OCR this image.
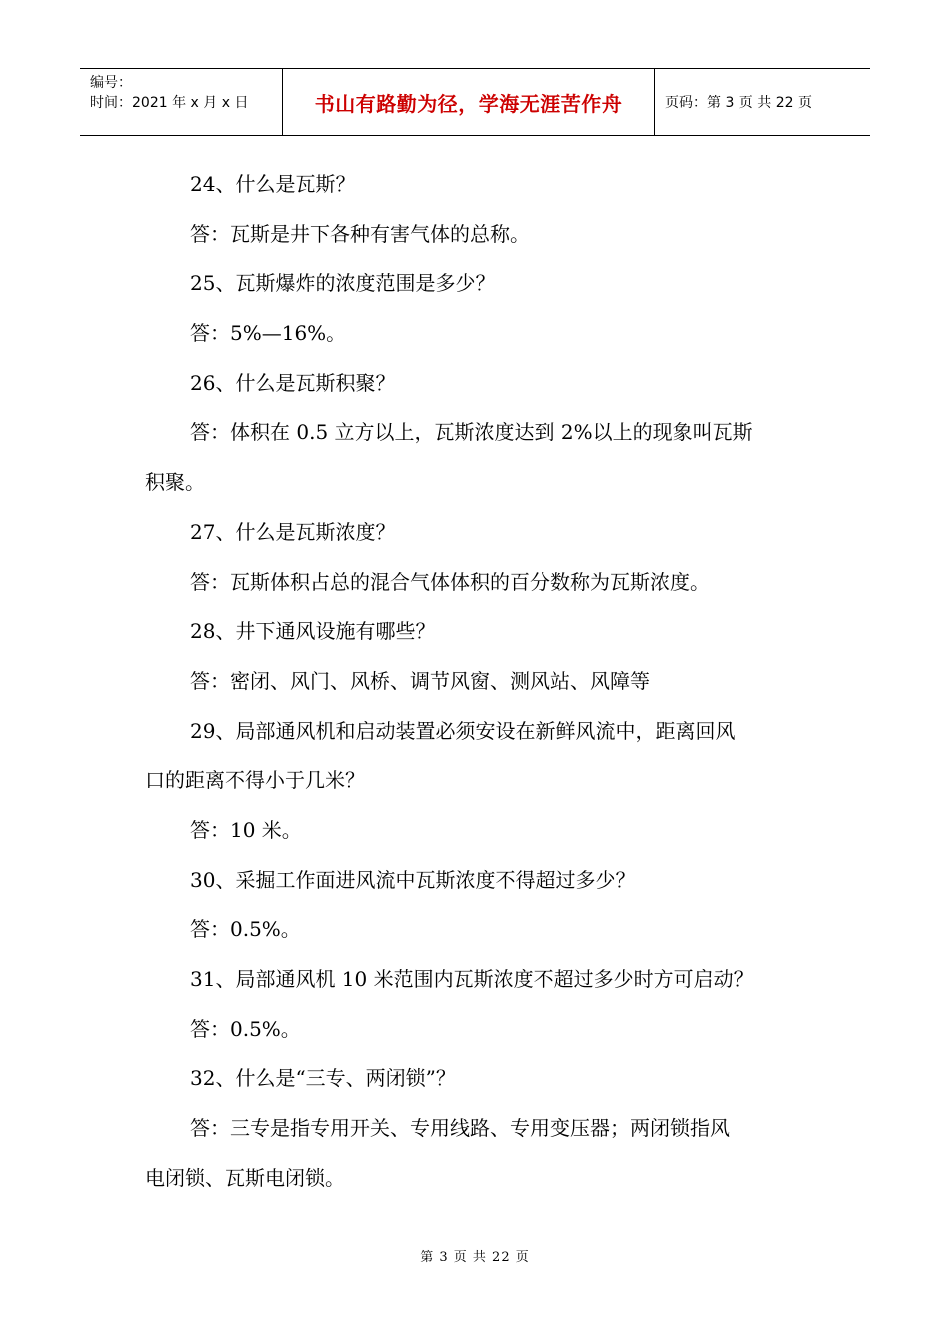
编号：
时间：2021 年 x 月 x 日	书山有路勤为径，学海无涯苦作舟	页码：第 3 页 共 22 页
24、什么是瓦斯？
答：瓦斯是井下各种有害气体的总称。
25、瓦斯爆炸的浓度范围是多少？
答：5%—16%。
26、什么是瓦斯积聚？
答：体积在 0.5 立方以上，瓦斯浓度达到 2%以上的现象叫瓦斯
积聚。
27、什么是瓦斯浓度？
答：瓦斯体积占总的混合气体体积的百分数称为瓦斯浓度。
28、井下通风设施有哪些？
答：密闭、风门、风桥、调节风窗、测风站、风障等
29、局部通风机和启动装置必须安设在新鲜风流中，距离回风
口的距离不得小于几米？
答：10 米。
30、采掘工作面进风流中瓦斯浓度不得超过多少？
答：0.5%。
31、局部通风机 10 米范围内瓦斯浓度不超过多少时方可启动？
答：0.5%。
32、什么是“三专、两闭锁”？
答：三专是指专用开关、专用线路、专用变压器；两闭锁指风
电闭锁、瓦斯电闭锁。
第 3 页 共 22 页
